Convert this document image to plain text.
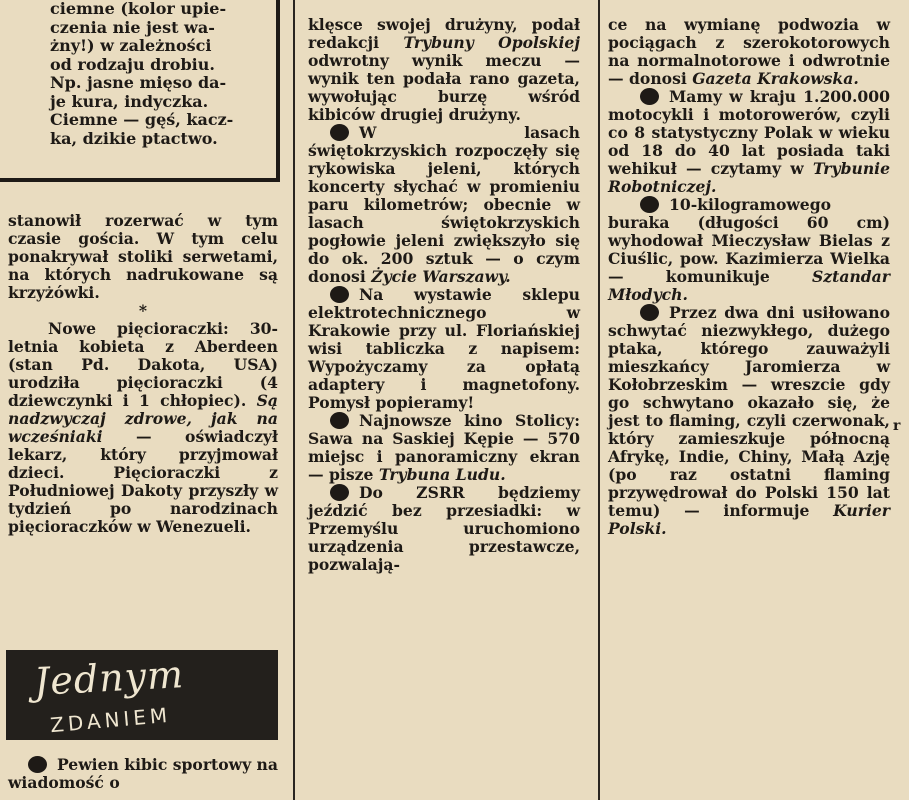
ciemne (kolor upie-

czenia nie jest wa-

żny!) w zależności

od rodzaju drobiu.

Np. jasne mięso da-

je kura, indyczka.

Ciemne — gęś, kacz-

ka, dzikie ptactwo.

stanowił rozerwać w tym czasie gościa. W tym celu ponakrywał stoliki serwetami, na których nadrukowane są krzyżówki.

*

Nowe pięcioraczki: 30-letnia kobieta z Aberdeen (stan Pd. Dakota, USA) urodziła pięcioraczki (4 dziewczynki i 1 chłopiec). Są nadzwyczaj zdrowe, jak na wcześniaki — oświadczył lekarz, który przyjmował dzieci. Pięcioraczki z Południowej Dakoty przyszły w tydzień po narodzinach pięcioraczków w Wenezueli.

Jednym
ZDANIEM

Pewien kibic sportowy na wiadomość o

klęsce swojej drużyny, podał redakcji Trybuny Opolskiej odwrotny wynik meczu — wynik ten podała rano gazeta, wywołując burzę wśród kibiców drugiej drużyny.

W lasach świętokrzyskich rozpoczęły się rykowiska jeleni, których koncerty słychać w promieniu paru kilometrów; obecnie w lasach świętokrzyskich pogłowie jeleni zwiększyło się do ok. 200 sztuk — o czym donosi Życie Warszawy.

Na wystawie sklepu elektrotechnicznego w Krakowie przy ul. Floriańskiej wisi tabliczka z napisem: Wypożyczamy za opłatą adaptery i magnetofony. Pomysł popieramy!

Najnowsze kino Stolicy: Sawa na Saskiej Kępie — 570 miejsc i panoramiczny ekran — pisze Trybuna Ludu.

Do ZSRR będziemy jeździć bez przesiadki: w Przemyślu uruchomiono urządzenia przestawcze, pozwalają-

ce na wymianę podwozia w pociągach z szerokotorowych na normalnotorowe i odwrotnie — donosi Gazeta Krakowska.

Mamy w kraju 1.200.000 motocykli i motorowerów, czyli co 8 statystyczny Polak w wieku od 18 do 40 lat posiada taki wehikuł — czytamy w Trybunie Robotniczej.

10-kilogramowego buraka (długości 60 cm) wyhodował Mieczysław Bielas z Ciuślic, pow. Kazimierza Wielka — komunikuje Sztandar Młodych.

Przez dwa dni usiłowano schwytać niezwykłego, dużego ptaka, którego zauważyli mieszkańcy Jaromierza w Kołobrzeskim — wreszcie gdy go schwytano okazało się, że jest to flaming, czyli czerwonak, który zamieszkuje północną Afrykę, Indie, Chiny, Małą Azję (po raz ostatni flaming przywędrował do Polski 150 lat temu) — informuje Kurier Polski.

r
